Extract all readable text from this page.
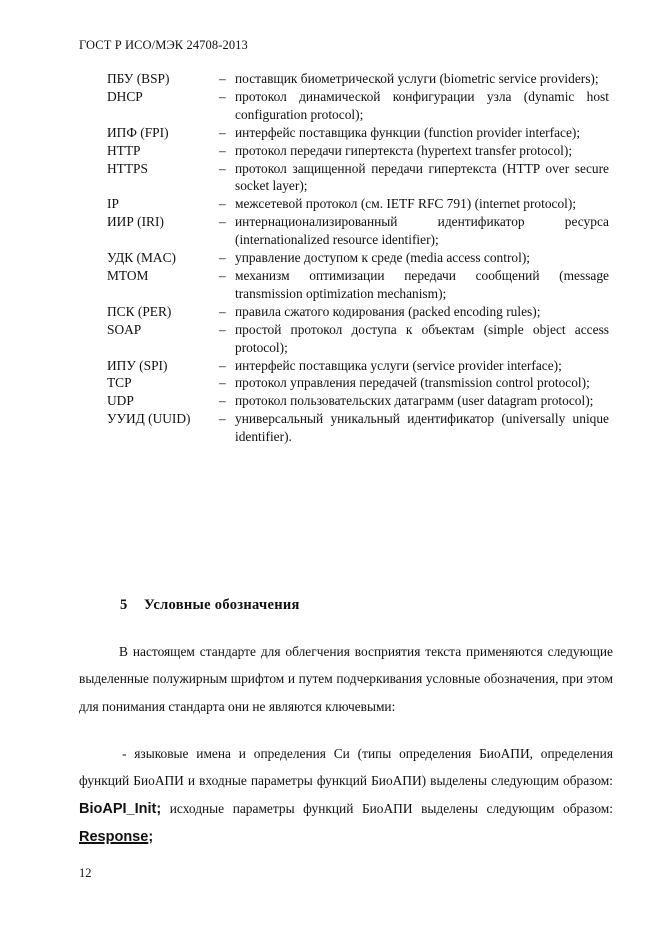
ГОСТ Р ИСО/МЭК 24708-2013
ПБУ (BSP)	– поставщик биометрической услуги (biometric service providers);
DHCP	– протокол динамической конфигурации узла (dynamic host configuration protocol);
ИПФ (FPI)	– интерфейс поставщика функции (function provider interface);
HTTP	– протокол передачи гипертекста (hypertext transfer protocol);
HTTPS	– протокол защищенной передачи гипертекста (HTTP over secure socket layer);
IP	– межсетевой протокол (см. IETF RFC 791) (internet protocol);
ИИР (IRI)	– интернационализированный идентификатор ресурса (internationalized resource identifier);
УДК (MAC)	– управление доступом к среде (media access control);
MTOM	– механизм оптимизации передачи сообщений (message transmission optimization mechanism);
ПСК (PER)	– правила сжатого кодирования (packed encoding rules);
SOAP	– простой протокол доступа к объектам (simple object access protocol);
ИПУ (SPI)	– интерфейс поставщика услуги (service provider interface);
TCP	– протокол управления передачей (transmission control protocol);
UDP	– протокол пользовательских датаграмм (user datagram protocol);
УУИД (UUID)	– универсальный уникальный идентификатор (universally unique identifier).
5 Условные обозначения
В настоящем стандарте для облегчения восприятия текста применяются следующие выделенные полужирным шрифтом и путем подчеркивания условные обозначения, при этом для понимания стандарта они не являются ключевыми:
- языковые имена и определения Си (типы определения БиоАПИ, определения функций БиоАПИ и входные параметры функций БиоАПИ) выделены следующим образом: BioAPI_Init; исходные параметры функций БиоАПИ выделены следующим образом: Response;
12
